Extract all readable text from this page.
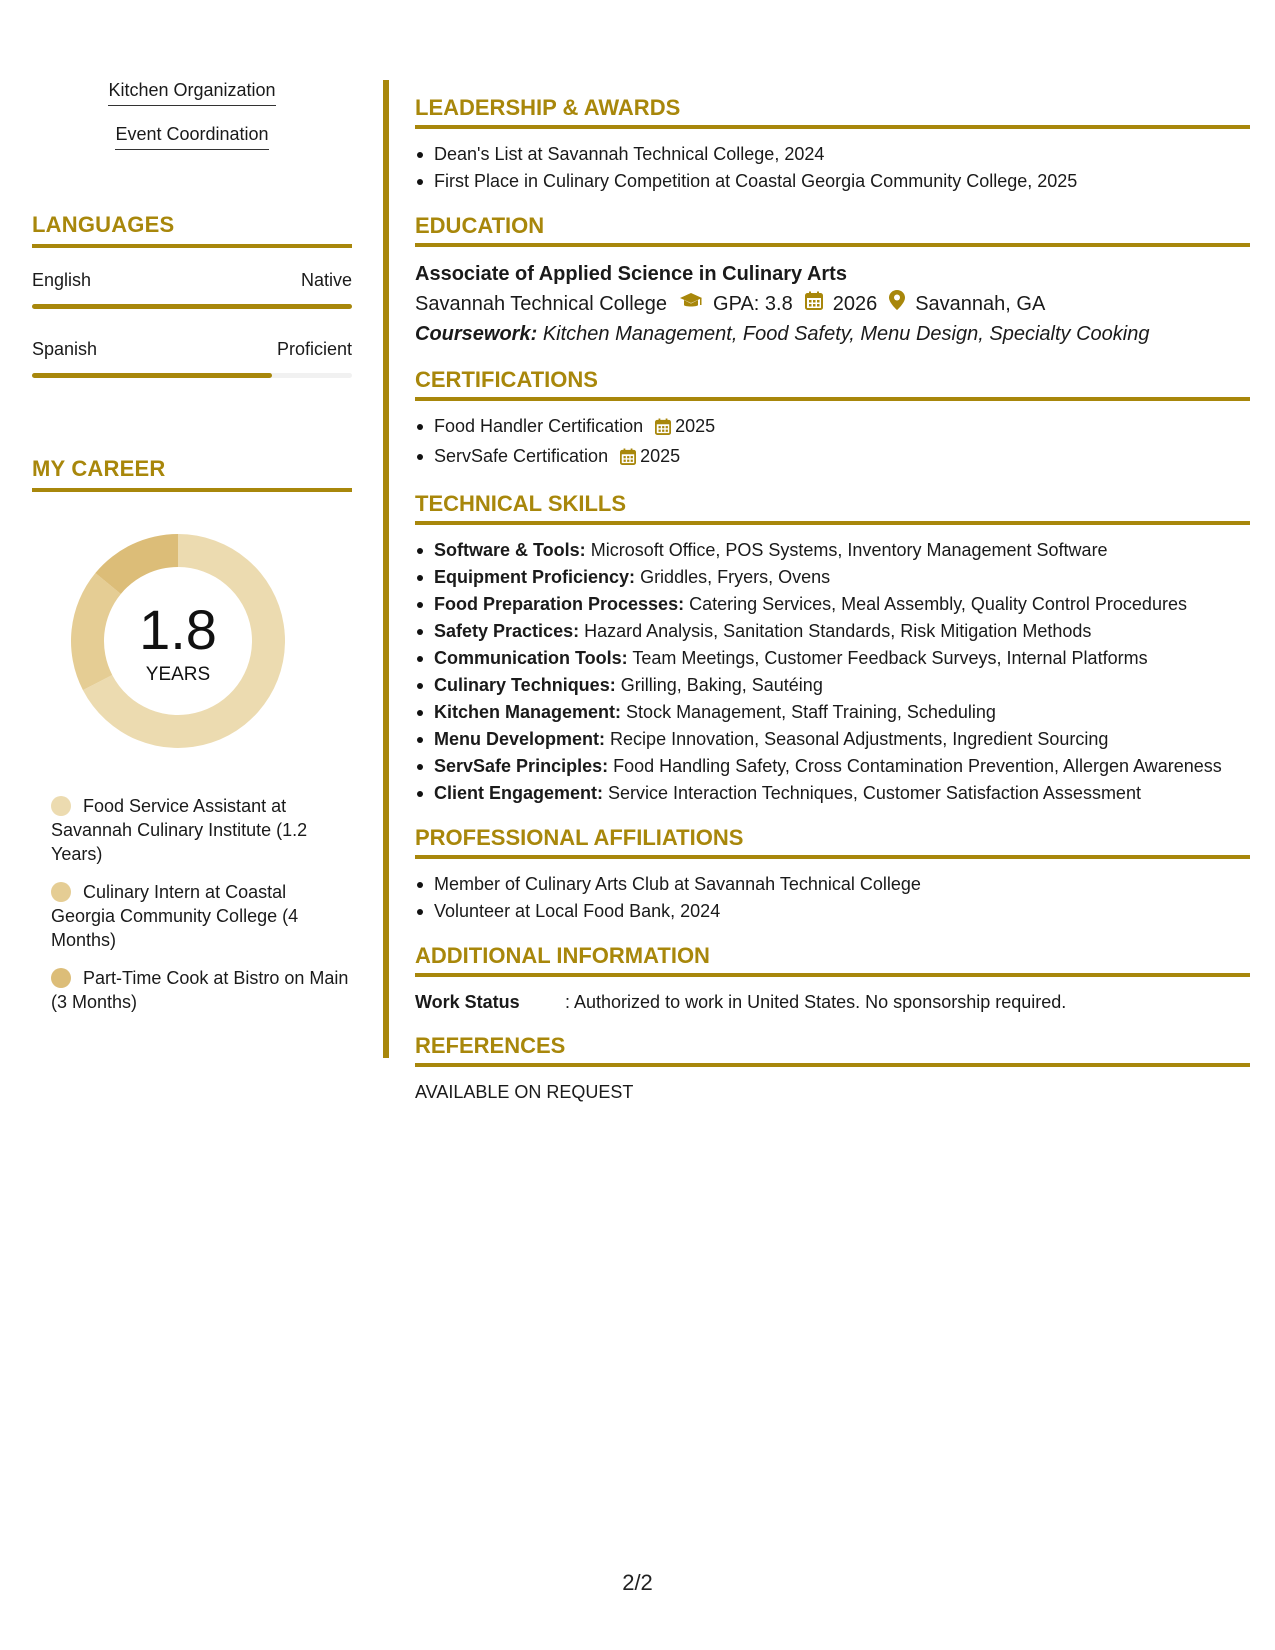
Kitchen Organization
Event Coordination
LANGUAGES
English	Native
Spanish	Proficient
MY CAREER
1.8
YEARS
Food Service Assistant at Savannah Culinary Institute (1.2 Years)
Culinary Intern at Coastal Georgia Community College (4 Months)
Part-Time Cook at Bistro on Main (3 Months)
LEADERSHIP & AWARDS
Dean's List at Savannah Technical College, 2024
First Place in Culinary Competition at Coastal Georgia Community College, 2025
EDUCATION
Associate of Applied Science in Culinary Arts
Savannah Technical College GPA: 3.8 2026 Savannah, GA
Coursework: Kitchen Management, Food Safety, Menu Design, Specialty Cooking
CERTIFICATIONS
Food Handler Certification 2025
ServSafe Certification 2025
TECHNICAL SKILLS
Software & Tools: Microsoft Office, POS Systems, Inventory Management Software
Equipment Proficiency: Griddles, Fryers, Ovens
Food Preparation Processes: Catering Services, Meal Assembly, Quality Control Procedures
Safety Practices: Hazard Analysis, Sanitation Standards, Risk Mitigation Methods
Communication Tools: Team Meetings, Customer Feedback Surveys, Internal Platforms
Culinary Techniques: Grilling, Baking, Sautéing
Kitchen Management: Stock Management, Staff Training, Scheduling
Menu Development: Recipe Innovation, Seasonal Adjustments, Ingredient Sourcing
ServSafe Principles: Food Handling Safety, Cross Contamination Prevention, Allergen Awareness
Client Engagement: Service Interaction Techniques, Customer Satisfaction Assessment
PROFESSIONAL AFFILIATIONS
Member of Culinary Arts Club at Savannah Technical College
Volunteer at Local Food Bank, 2024
ADDITIONAL INFORMATION
Work Status	: Authorized to work in United States. No sponsorship required.
REFERENCES
AVAILABLE ON REQUEST
2/2
